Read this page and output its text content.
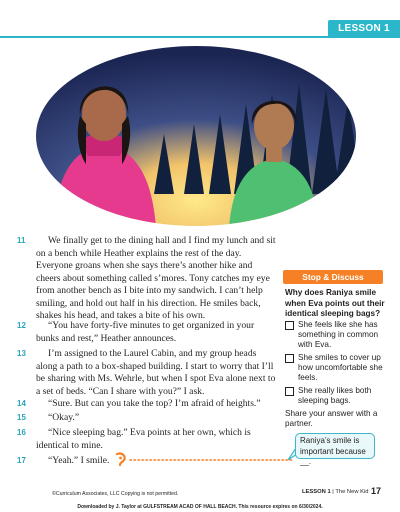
LESSON 1
11	We finally get to the dining hall and I find my lunch and sit on a bench while Heather explains the rest of the day. Everyone groans when she says there’s another hike and cheers about something called s’mores. Tony catches my eye from another bench as I bite into my sandwich. I can’t help smiling, and hold out half in his direction. He smiles back, shakes his head, and takes a bite of his own.
12	“You have forty-five minutes to get organized in your bunks and rest,” Heather announces.
13	I’m assigned to the Laurel Cabin, and my group heads along a path to a box-shaped building. I start to worry that I’ll be sharing with Ms. Wehrle, but when I spot Eva alone next to a set of beds. “Can I share with you?” I ask.
14	“Sure. But can you take the top? I’m afraid of heights.”
15	“Okay.”
16	“Nice sleeping bag.” Eva points at her own, which is identical to mine.
17	“Yeah.” I smile.
Stop & Discuss
Why does Raniya smile when Eva points out their identical sleeping bags?
She feels like she has something in common with Eva.
She smiles to cover up how uncomfortable she feels.
She really likes both sleeping bags.
Share your answer with a partner.
Raniya’s smile is important because __.
©Curriculum Associates, LLC Copying is not permitted.	LESSON 1 | The New Kid 17
Downloaded by J. Taylor at GULFSTREAM ACAD OF HALL BEACH. This resource expires on 6/30/2024.
